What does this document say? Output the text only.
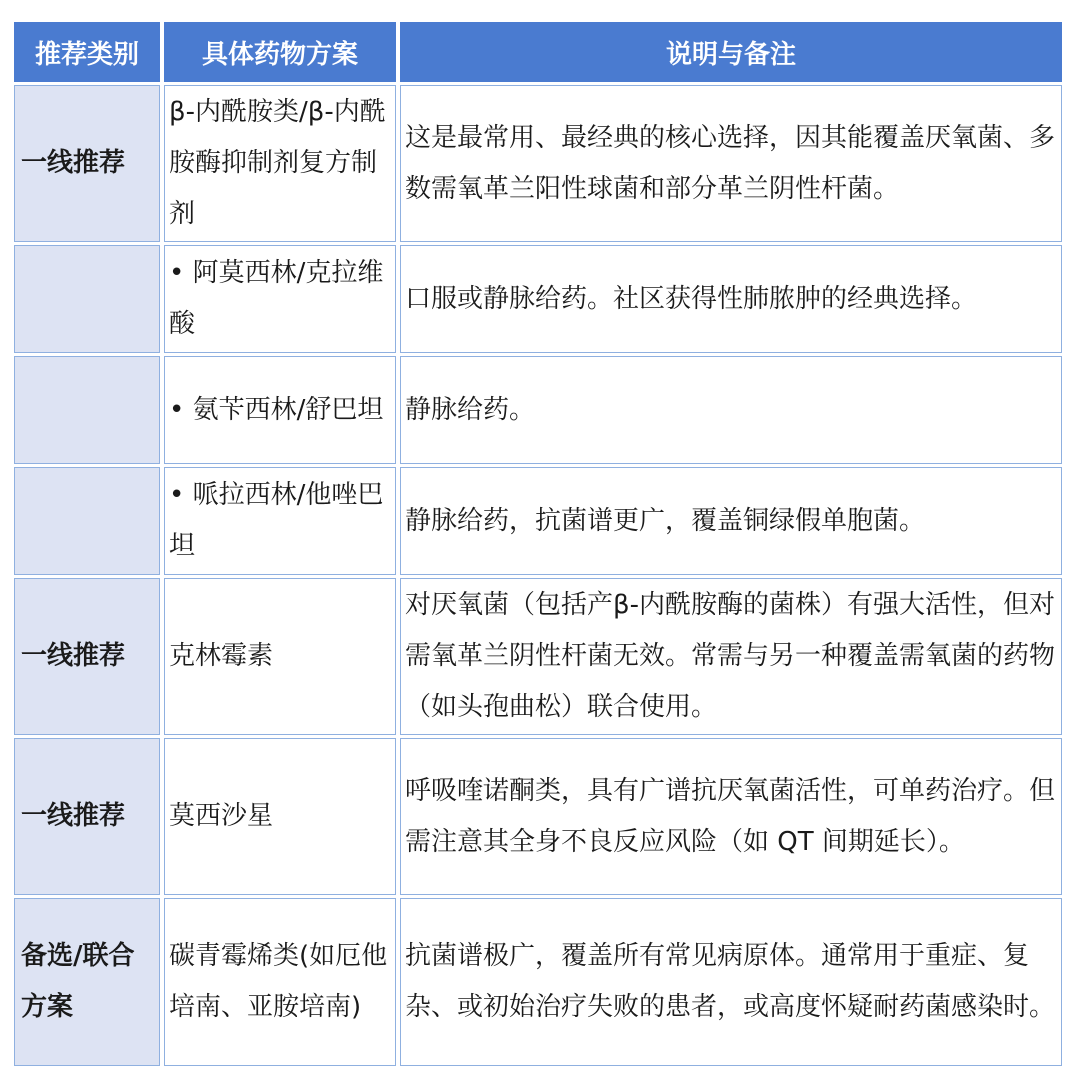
推荐类别	具体药物方案	说明与备注
一线推荐
β-内酰胺类/β-内酰胺酶抑制剂复方制剂
这是最常用、最经典的核心选择，因其能覆盖厌氧菌、多数需氧革兰阳性球菌和部分革兰阴性杆菌。
• 阿莫西林/克拉维酸
口服或静脉给药。社区获得性肺脓肿的经典选择。
• 氨苄西林/舒巴坦 静脉给药。
• 哌拉西林/他唑巴坦
静脉给药，抗菌谱更广，覆盖铜绿假单胞菌。
一线推荐 克林霉素
对厌氧菌（包括产β-内酰胺酶的菌株）有强大活性，但对需氧革兰阴性杆菌无效。常需与另一种覆盖需氧菌的药物（如头孢曲松）联合使用。
一线推荐 莫西沙星
呼吸喹诺酮类，具有广谱抗厌氧菌活性，可单药治疗。但需注意其全身不良反应风险（如 QT 间期延长）。
备选/联合方案
碳青霉烯类(如厄他培南、亚胺培南)
抗菌谱极广，覆盖所有常见病原体。通常用于重症、复杂、或初始治疗失败的患者，或高度怀疑耐药菌感染时。
